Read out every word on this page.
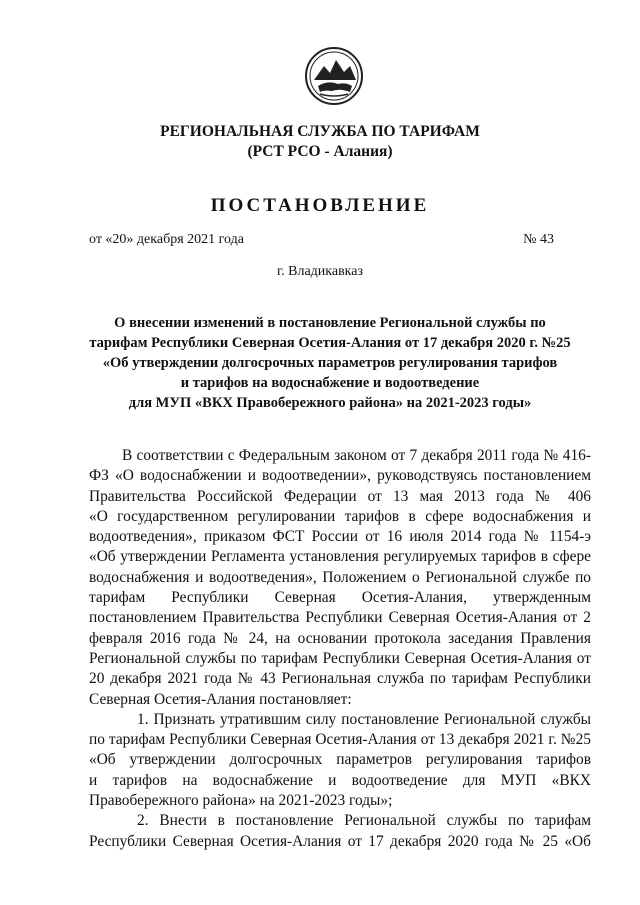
РЕГИОНАЛЬНАЯ СЛУЖБА ПО ТАРИФАМ
(РСТ РСО - Алания)
ПОСТАНОВЛЕНИЕ
от «20» декабря 2021 года	№ 43
г. Владикавказ
О внесении изменений в постановление Региональной службы по
тарифам Республики Северная Осетия-Алания от 17 декабря 2020 г. №25
«Об утверждении долгосрочных параметров регулирования тарифов
и тарифов на водоснабжение и водоотведение
для МУП «ВКХ Правобережного района» на 2021-2023 годы»
В соответствии с Федеральным законом от 7 декабря 2011 года № 416-
ФЗ «О водоснабжении и водоотведении», руководствуясь постановлением
Правительства Российской Федерации от 13 мая 2013 года № 406
«О государственном регулировании тарифов в сфере водоснабжения и
водоотведения», приказом ФСТ России от 16 июля 2014 года № 1154-э
«Об утверждении Регламента установления регулируемых тарифов в сфере
водоснабжения и водоотведения», Положением о Региональной службе по
тарифам Республики Северная Осетия-Алания, утвержденным
постановлением Правительства Республики Северная Осетия-Алания от 2
февраля 2016 года № 24, на основании протокола заседания Правления
Региональной службы по тарифам Республики Северная Осетия-Алания от
20 декабря 2021 года № 43 Региональная служба по тарифам Республики
Северная Осетия-Алания постановляет:
1. Признать утратившим силу постановление Региональной службы
по тарифам Республики Северная Осетия-Алания от 13 декабря 2021 г. №25
«Об утверждении долгосрочных параметров регулирования тарифов
и тарифов на водоснабжение и водоотведение для МУП «ВКХ
Правобережного района» на 2021-2023 годы»;
2. Внести в постановление Региональной службы по тарифам
Республики Северная Осетия-Алания от 17 декабря 2020 года № 25 «Об
